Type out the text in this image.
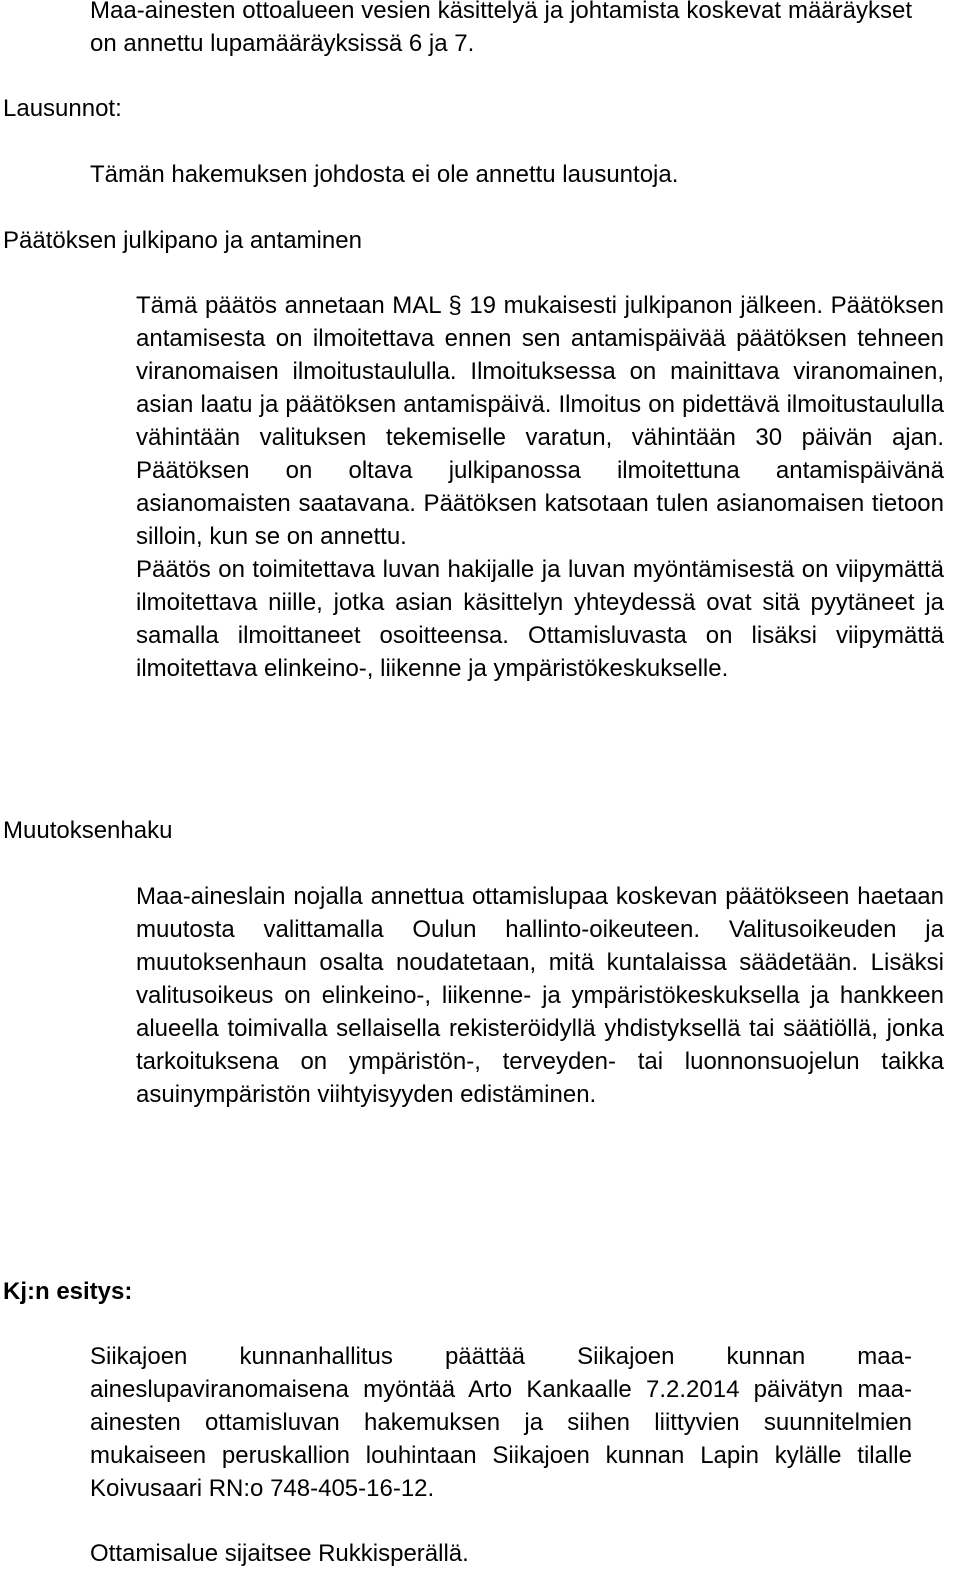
Maa-ainesten ottoalueen vesien käsittelyä ja johtamista koskevat määräykset on annettu lupamääräyksissä 6 ja 7.
Lausunnot:
Tämän hakemuksen johdosta ei ole annettu lausuntoja.
Päätöksen julkipano ja antaminen

Tämä päätös annetaan MAL § 19 mukaisesti julkipanon jälkeen. Päätöksen antamisesta on ilmoitettava ennen sen antamispäivää päätöksen tehneen viranomaisen ilmoitustaululla. Ilmoituksessa on mainittava viranomainen, asian laatu ja päätöksen antamispäivä. Ilmoitus on pidettävä ilmoitustaululla vähintään valituksen tekemiselle varatun, vähintään 30 päivän ajan. Päätöksen on oltava julkipanossa ilmoitettuna antamispäivänä asianomaisten saatavana. Päätöksen katsotaan tulen asianomaisen tietoon silloin, kun se on annettu.

Päätös on toimitettava luvan hakijalle ja luvan myöntämisestä on viipymättä ilmoitettava niille, jotka asian käsittelyn yhteydessä ovat sitä pyytäneet ja samalla ilmoittaneet osoitteensa. Ottamisluvasta on lisäksi viipymättä ilmoitettava elinkeino-, liikenne ja ympäristökeskukselle.

Muutoksenhaku
Maa-aineslain nojalla annettua ottamislupaa koskevan päätökseen haetaan muutosta valittamalla Oulun hallinto-oikeuteen. Valitusoikeuden ja muutoksenhaun osalta noudatetaan, mitä kuntalaissa säädetään. Lisäksi valitusoikeus on elinkeino-, liikenne- ja ympäristökeskuksella ja hankkeen alueella toimivalla sellaisella rekisteröidyllä yhdistyksellä tai säätiöllä, jonka tarkoituksena on ympäristön-, terveyden- tai luonnonsuojelun taikka asuinympäristön viihtyisyyden edistäminen.
Kj:n esitys:
Siikajoen kunnanhallitus päättää Siikajoen kunnan maa-aineslupaviranomaisena myöntää Arto Kankaalle 7.2.2014 päivätyn maa-ainesten ottamisluvan hakemuksen ja siihen liittyvien suunnitelmien mukaiseen peruskallion louhintaan Siikajoen kunnan Lapin kylälle tilalle Koivusaari RN:o 748-405-16-12.
Ottamisalue sijaitsee Rukkisperällä.
